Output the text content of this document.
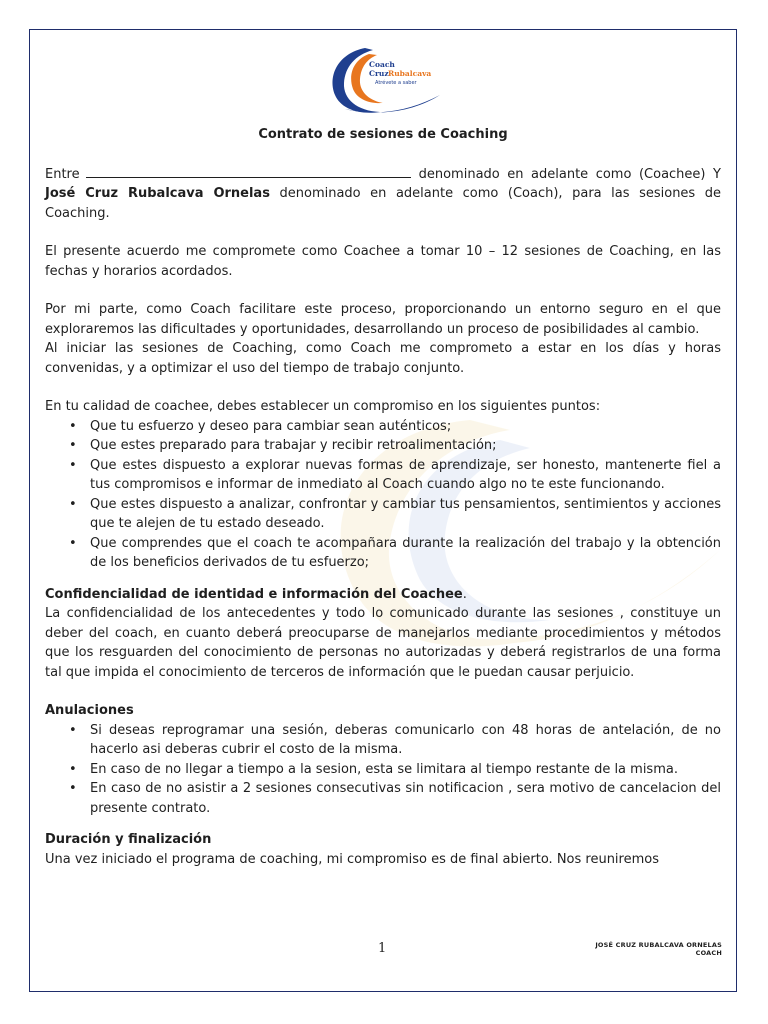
Coach
Cruz Rubalcava
Atrévete a saber
Contrato de sesiones de Coaching

Entre	denominado en adelante como (Coachee) Y José Cruz Rubalcava Ornelas denominado en adelante como (Coach), para las sesiones de Coaching.

El presente acuerdo me compromete como Coachee a tomar 10 – 12 sesiones de Coaching, en las fechas y horarios acordados.

Por mi parte, como Coach facilitare este proceso, proporcionando un entorno seguro en el que exploraremos las dificultades y oportunidades, desarrollando un proceso de posibilidades al cambio.

Al iniciar las sesiones de Coaching, como Coach me comprometo a estar en los días y horas convenidas, y a optimizar el uso del tiempo de trabajo conjunto.

En tu calidad de coachee, debes establecer un compromiso en los siguientes puntos:

• Que tu esfuerzo y deseo para cambiar sean auténticos;
• Que estes preparado para trabajar y recibir retroalimentación;
• Que estes dispuesto a explorar nuevas formas de aprendizaje, ser honesto, mantenerte fiel a tus compromisos e informar de inmediato al Coach cuando algo no te este funcionando.
• Que estes dispuesto a analizar, confrontar y cambiar tus pensamientos, sentimientos y acciones que te alejen de tu estado deseado.
• Que comprendes que el coach te acompañara durante la realización del trabajo y la obtención de los beneficios derivados de tu esfuerzo;

Confidencialidad de identidad e información del Coachee.

La confidencialidad de los antecedentes y todo lo comunicado durante las sesiones , constituye un deber del coach, en cuanto deberá preocuparse de manejarlos mediante procedimientos y métodos que los resguarden del conocimiento de personas no autorizadas y deberá registrarlos de una forma tal que impida el conocimiento de terceros de información que le puedan causar perjuicio.

Anulaciones

• Si deseas reprogramar una sesión, deberas comunicarlo con 48 horas de antelación, de no hacerlo asi deberas cubrir el costo de la misma.
• En caso de no llegar a tiempo a la sesion, esta se limitara al tiempo restante de la misma.
• En caso de no asistir a 2 sesiones consecutivas sin notificacion , sera motivo de cancelacion del presente contrato.

Duración y finalización

Una vez iniciado el programa de coaching, mi compromiso es de final abierto. Nos reuniremos

1	JOSÉ CRUZ RUBALCAVA ORNELAS
COACH
